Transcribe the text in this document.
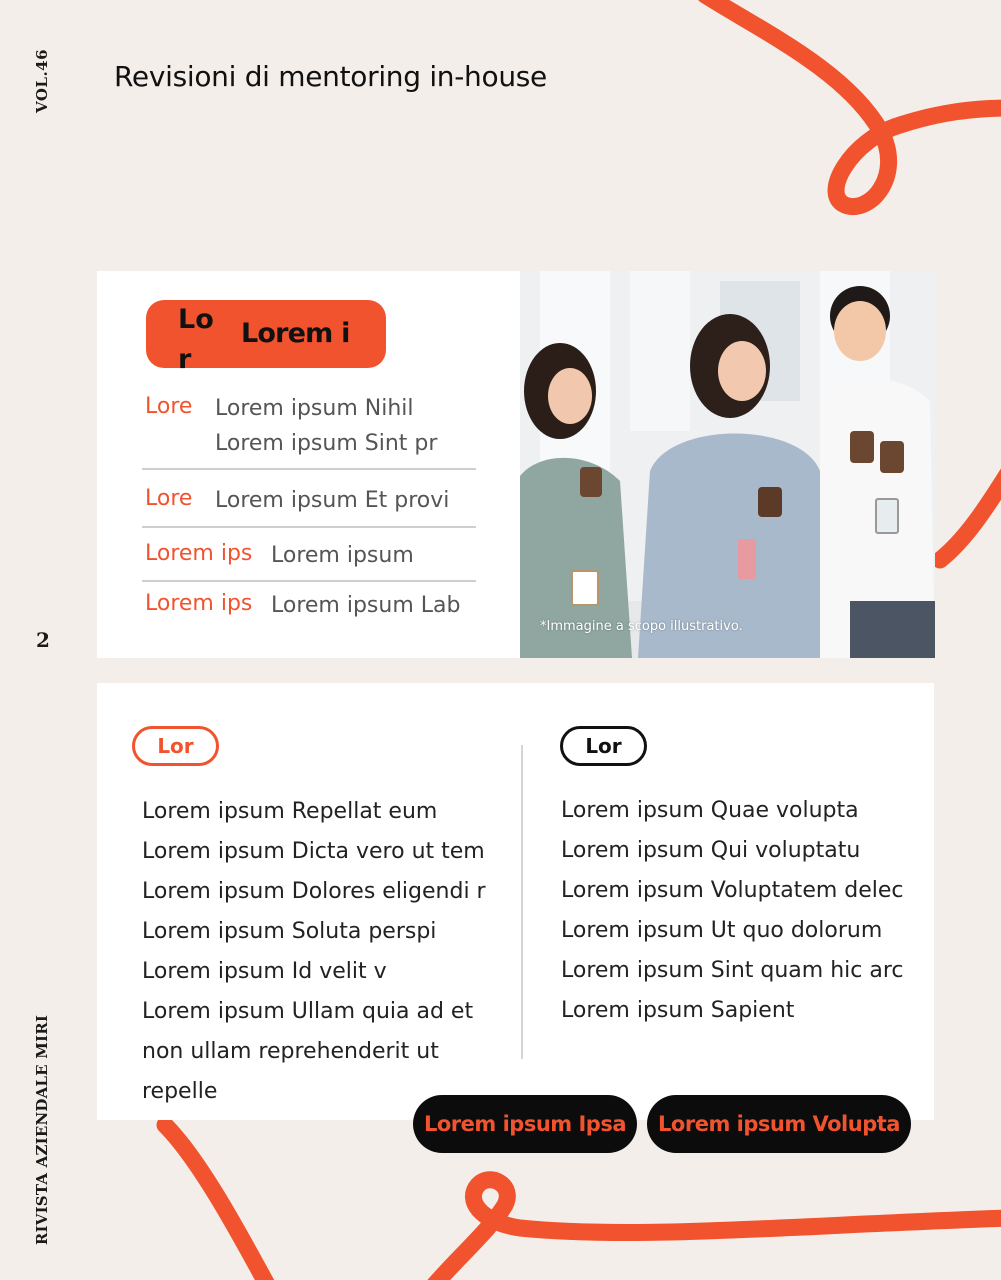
VOL.46
2
RIVISTA AZIENDALE MIRI
Revisioni di mentoring in-house
Lor
Lorem i
Lore Lorem ipsum Nihil
Lorem ipsum Sint pr
Lore Lorem ipsum Et provi
Lorem ips Lorem ipsum
Lorem ips Lorem ipsum Lab
*Immagine a scopo illustrativo.
Lor	Lor
Lorem ipsum Repellat eum
Lorem ipsum Dicta vero ut tem
Lorem ipsum Dolores eligendi r
Lorem ipsum Soluta perspi
Lorem ipsum Id velit v
Lorem ipsum Ullam quia ad et non ullam reprehenderit ut repelle
Lorem ipsum Quae volupta
Lorem ipsum Qui voluptatu
Lorem ipsum Voluptatem delec
Lorem ipsum Ut quo dolorum
Lorem ipsum Sint quam hic arc
Lorem ipsum Sapient
Lorem ipsum Ipsa	Lorem ipsum Volupta
